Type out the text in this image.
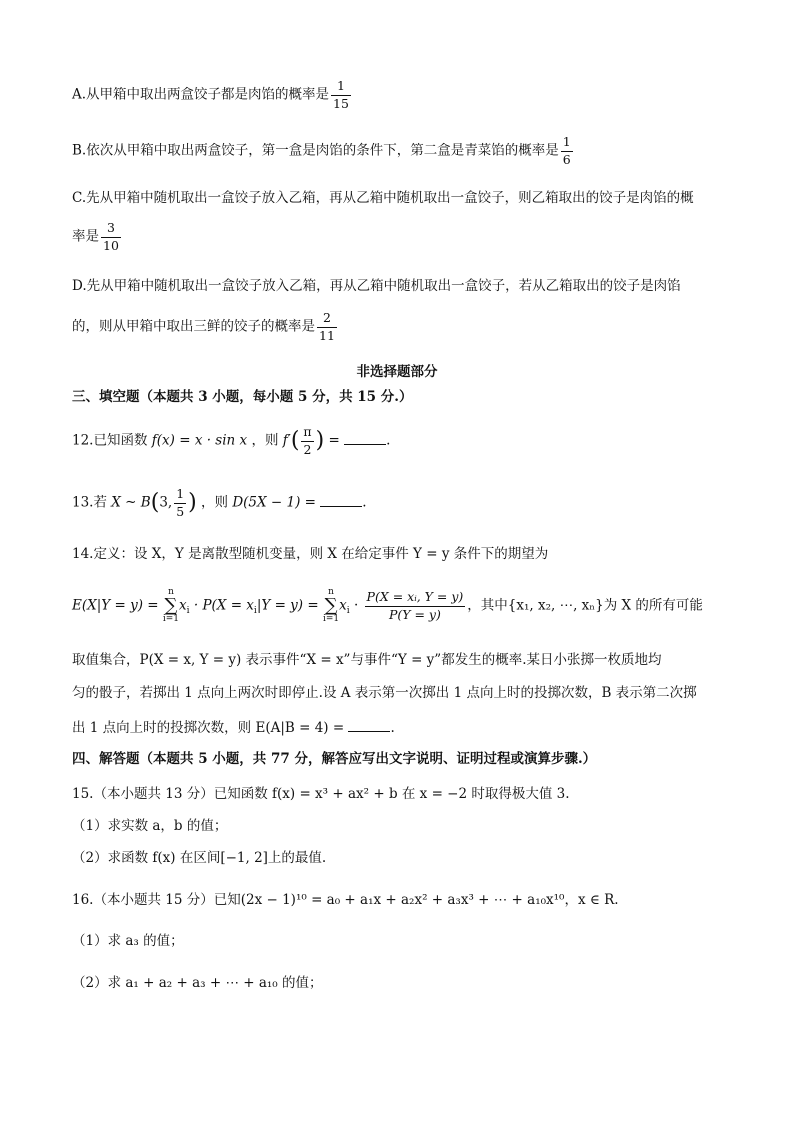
A.从甲箱中取出两盒饺子都是肉馅的概率是 $\frac{1}{15}$
B.依次从甲箱中取出两盒饺子，第一盒是肉馅的条件下，第二盒是青菜馅的概率是 $\frac{1}{6}$
C.先从甲箱中随机取出一盒饺子放入乙箱，再从乙箱中随机取出一盒饺子，则乙箱取出的饺子是肉馅的概
率是 $\frac{3}{10}$
D.先从甲箱中随机取出一盒饺子放入乙箱，再从乙箱中随机取出一盒饺子，若从乙箱取出的饺子是肉馅
的，则从甲箱中取出三鲜的饺子的概率是 $\frac{2}{11}$
非选择题部分
三、填空题（本题共 3 小题，每小题 5 分，共 15 分.）
12.已知函数 f(x) = x · sin x ，则 $f'( \frac{\pi}{2}$ ) =	.
13.若 X ~ B(3, $\frac{1}{5}$ ) ，则 D(5X − 1) =	.
14.定义：设 X，Y 是离散型随机变量，则 X 在给定事件 Y = y 条件下的期望为
E(X|Y = y) =
n
∑
i=1
$x_i \cdot P(X = x_i|Y = y)$ =
n
∑
i=1
$x_i \cdot \frac{\text{P(X = xᵢ, Y = y)}}{P(Y = y)}$ ，其中{x₁, x₂, ⋯, xₙ}为 X 的所有可能
取值集合，P(X = x, Y = y) 表示事件“X = x”与事件“Y = y”都发生的概率.某日小张掷一枚质地均
匀的骰子，若掷出 1 点向上两次时即停止.设 A 表示第一次掷出 1 点向上时的投掷次数，B 表示第二次掷
出 1 点向上时的投掷次数，则 E(A|B = 4) =	.
四、解答题（本题共 5 小题，共 77 分，解答应写出文字说明、证明过程或演算步骤.）
15.（本小题共 13 分）已知函数 f(x) = x³ + ax² + b 在 x = −2 时取得极大值 3.
（1）求实数 a，b 的值；
（2）求函数 f(x) 在区间[−1, 2]上的最值.
16.（本小题共 15 分）已知(2x − 1)¹⁰ = a₀ + a₁x + a₂x² + a₃x³ + ⋯ + a₁₀x¹⁰，x ∈ R.
（1）求 a₃ 的值；
（2）求 a₁ + a₂ + a₃ + ⋯ + a₁₀ 的值；
